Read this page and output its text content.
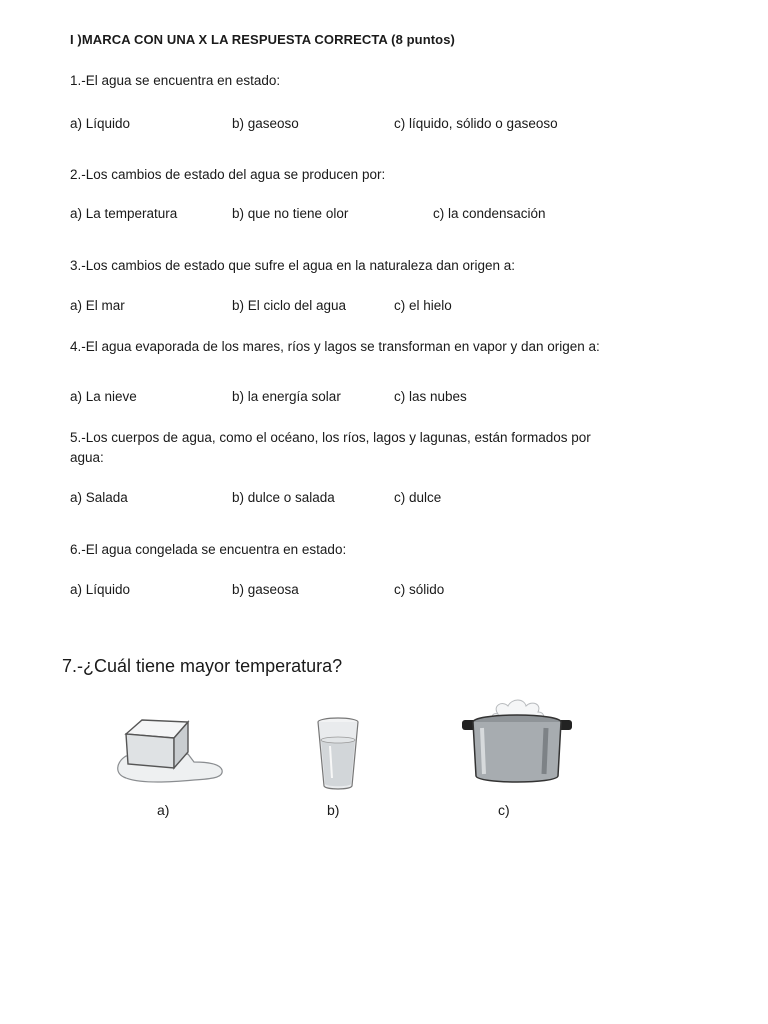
I )MARCA CON UNA X LA RESPUESTA CORRECTA (8 puntos)
1.-El agua se encuentra en estado:
a) Líquido	b) gaseoso	c) líquido, sólido o gaseoso
2.-Los cambios de estado del agua se producen por:
a) La temperatura	b) que no tiene olor	c) la condensación
3.-Los cambios de estado que sufre el agua en la naturaleza dan origen a:
a) El mar	b) El ciclo del agua	c) el hielo
4.-El agua evaporada de los mares, ríos y lagos se transforman en vapor y dan origen a:
a) La nieve	b) la energía solar	c) las nubes
5.-Los cuerpos de agua, como el océano, los ríos, lagos y lagunas, están formados por
agua:
a) Salada	b) dulce o salada	c) dulce
6.-El agua congelada se encuentra en estado:
a) Líquido	b) gaseosa	c) sólido
7.-¿Cuál tiene mayor temperatura?
a)	b)	c)
